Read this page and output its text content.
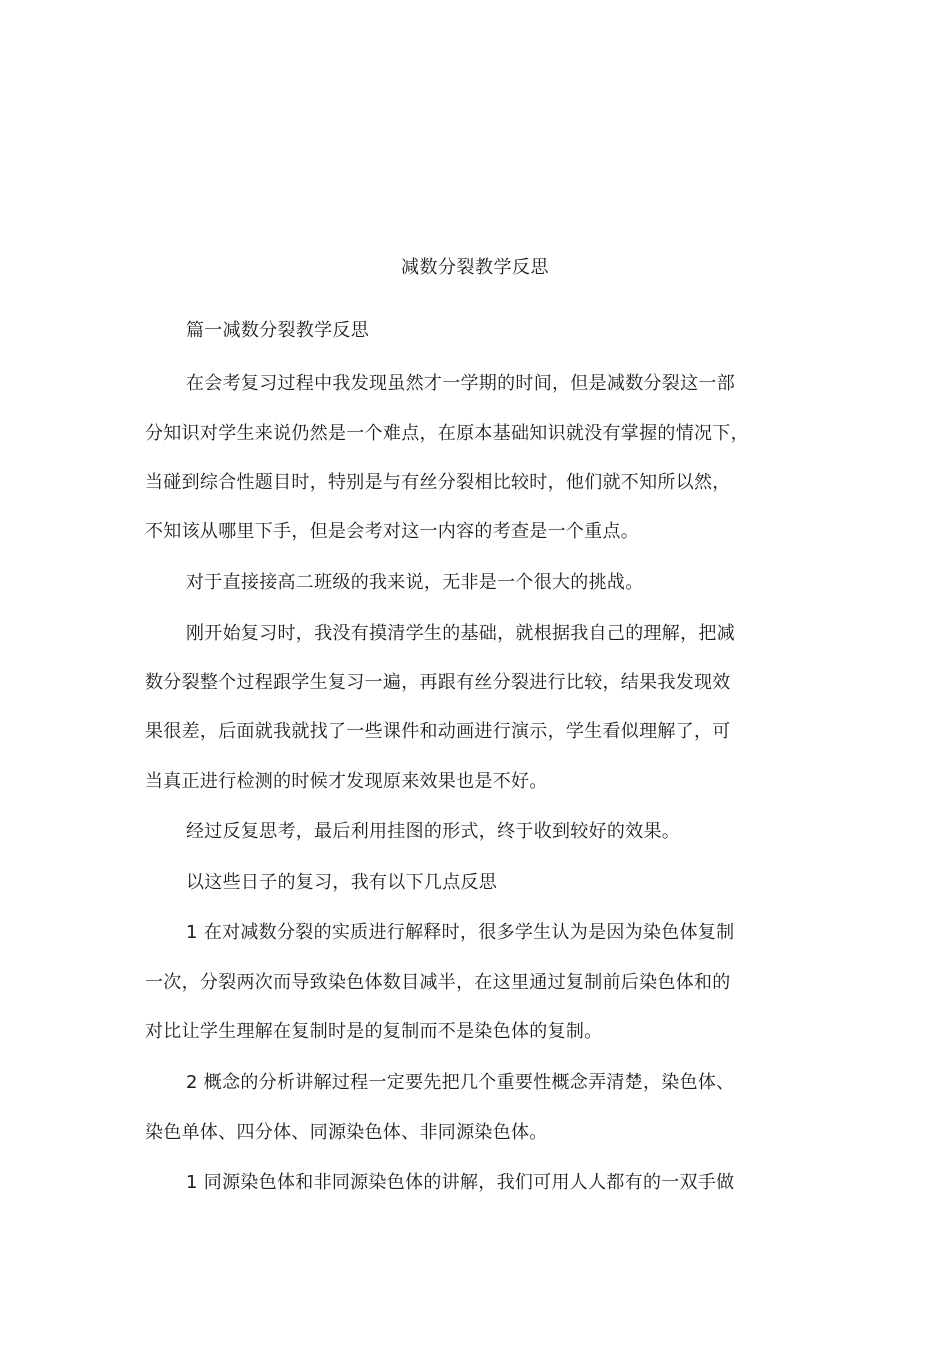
减数分裂教学反思
篇一减数分裂教学反思
在会考复习过程中我发现虽然才一学期的时间，但是减数分裂这一部
分知识对学生来说仍然是一个难点，在原本基础知识就没有掌握的情况下，
当碰到综合性题目时，特别是与有丝分裂相比较时，他们就不知所以然，
不知该从哪里下手，但是会考对这一内容的考查是一个重点。
对于直接接高二班级的我来说，无非是一个很大的挑战。
刚开始复习时，我没有摸清学生的基础，就根据我自己的理解，把减
数分裂整个过程跟学生复习一遍，再跟有丝分裂进行比较，结果我发现效
果很差，后面就我就找了一些课件和动画进行演示，学生看似理解了，可
当真正进行检测的时候才发现原来效果也是不好。
经过反复思考，最后利用挂图的形式，终于收到较好的效果。
以这些日子的复习，我有以下几点反思
1 在对减数分裂的实质进行解释时，很多学生认为是因为染色体复制
一次，分裂两次而导致染色体数目减半，在这里通过复制前后染色体和的
对比让学生理解在复制时是的复制而不是染色体的复制。
2 概念的分析讲解过程一定要先把几个重要性概念弄清楚，染色体、
染色单体、四分体、同源染色体、非同源染色体。
1 同源染色体和非同源染色体的讲解，我们可用人人都有的一双手做
